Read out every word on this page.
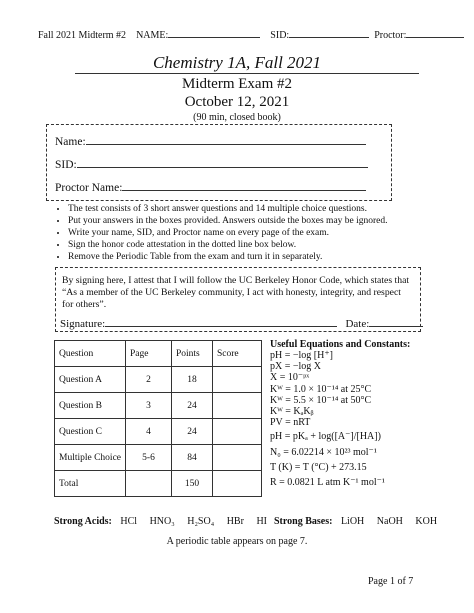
Fall 2021 Midterm #2 NAME:	SID:	Proctor:
Chemistry 1A, Fall 2021
Midterm Exam #2
October 12, 2021
(90 min, closed book)
Name:
SID:
Proctor Name:
• The test consists of 3 short answer questions and 14 multiple choice questions.
• Put your answers in the boxes provided. Answers outside the boxes may be ignored.
• Write your name, SID, and Proctor name on every page of the exam.
• Sign the honor code attestation in the dotted line box below.
• Remove the Periodic Table from the exam and turn it in separately.

By signing here, I attest that I will follow the UC Berkeley Honor Code, which states that “As a member of the UC Berkeley community, I act with honesty, integrity, and respect for others”.

Signature:	Date:
Question	Page	Points	Score
Question A	2	18	
Question B	3	24	
Question C	4	24	
Multiple Choice	5-6	84	
Total		150	
Useful Equations and Constants:
pH = −log [H⁺]
pX = −log X
X = 10⁻ᵖˣ
Kᵂ = 1.0 × 10⁻¹⁴ at 25°C
Kᵂ = 5.5 × 10⁻¹⁴ at 50°C
Kᵂ = KₐKᵦ
PV = nRT
pH = pKₐ + log([A⁻]/[HA])
N₀ = 6.02214 × 10²³ mol⁻¹
T (K) = T (°C) + 273.15
R = 0.0821 L atm K⁻¹ mol⁻¹
Strong Acids: HCl HNO₃ H₂SO₄ HBr HI Strong Bases: LiOH NaOH KOH
A periodic table appears on page 7.
Page 1 of 7
